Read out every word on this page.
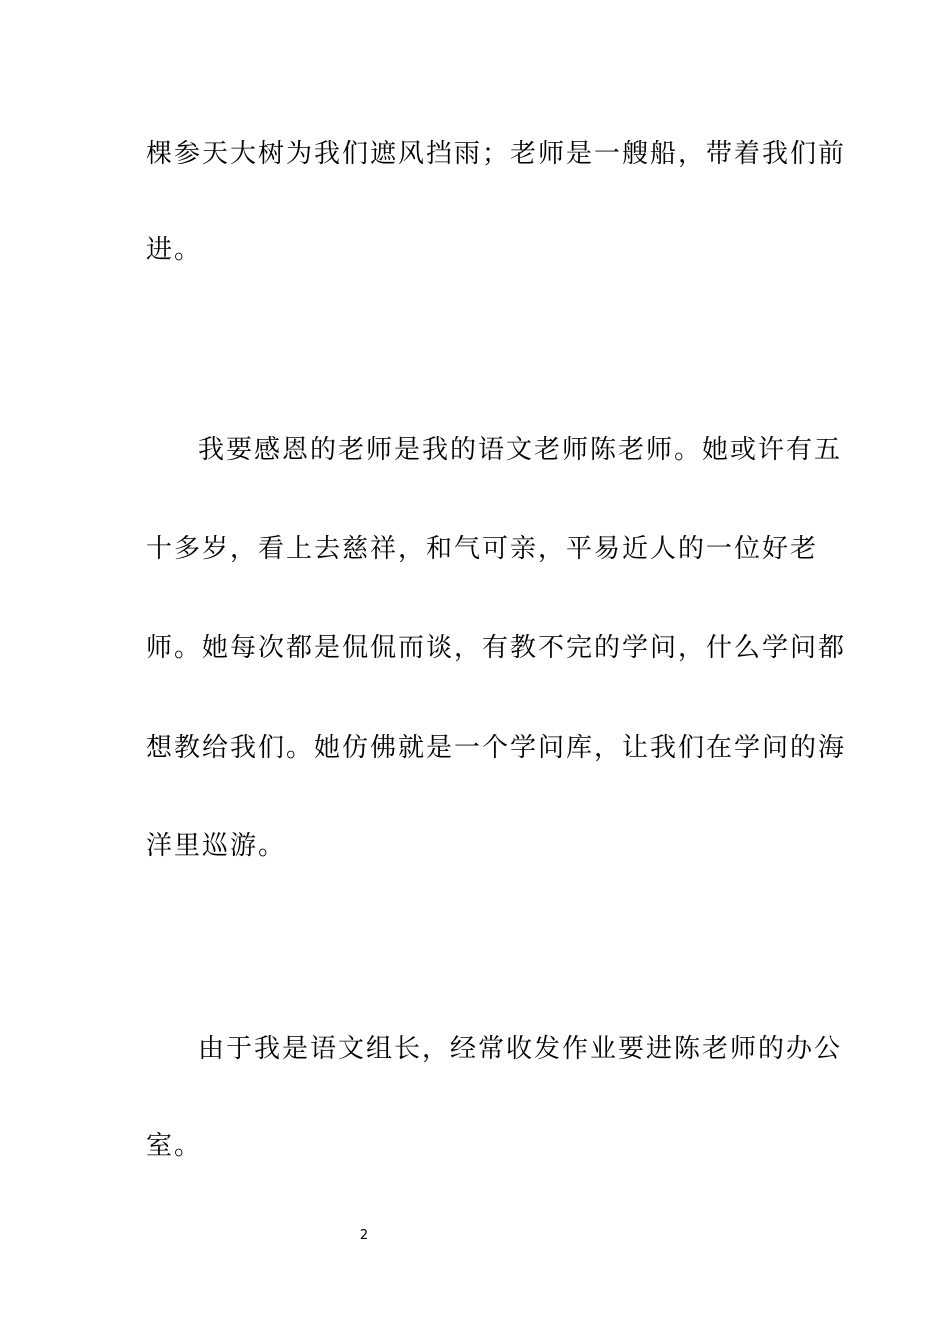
棵参天大树为我们遮风挡雨；老师是一艘船，带着我们前
进。
我要感恩的老师是我的语文老师陈老师。她或许有五
十多岁，看上去慈祥，和气可亲，平易近人的一位好老
师。她每次都是侃侃而谈，有教不完的学问，什么学问都
想教给我们。她仿佛就是一个学问库，让我们在学问的海
洋里巡游。
由于我是语文组长，经常收发作业要进陈老师的办公
室。
2
